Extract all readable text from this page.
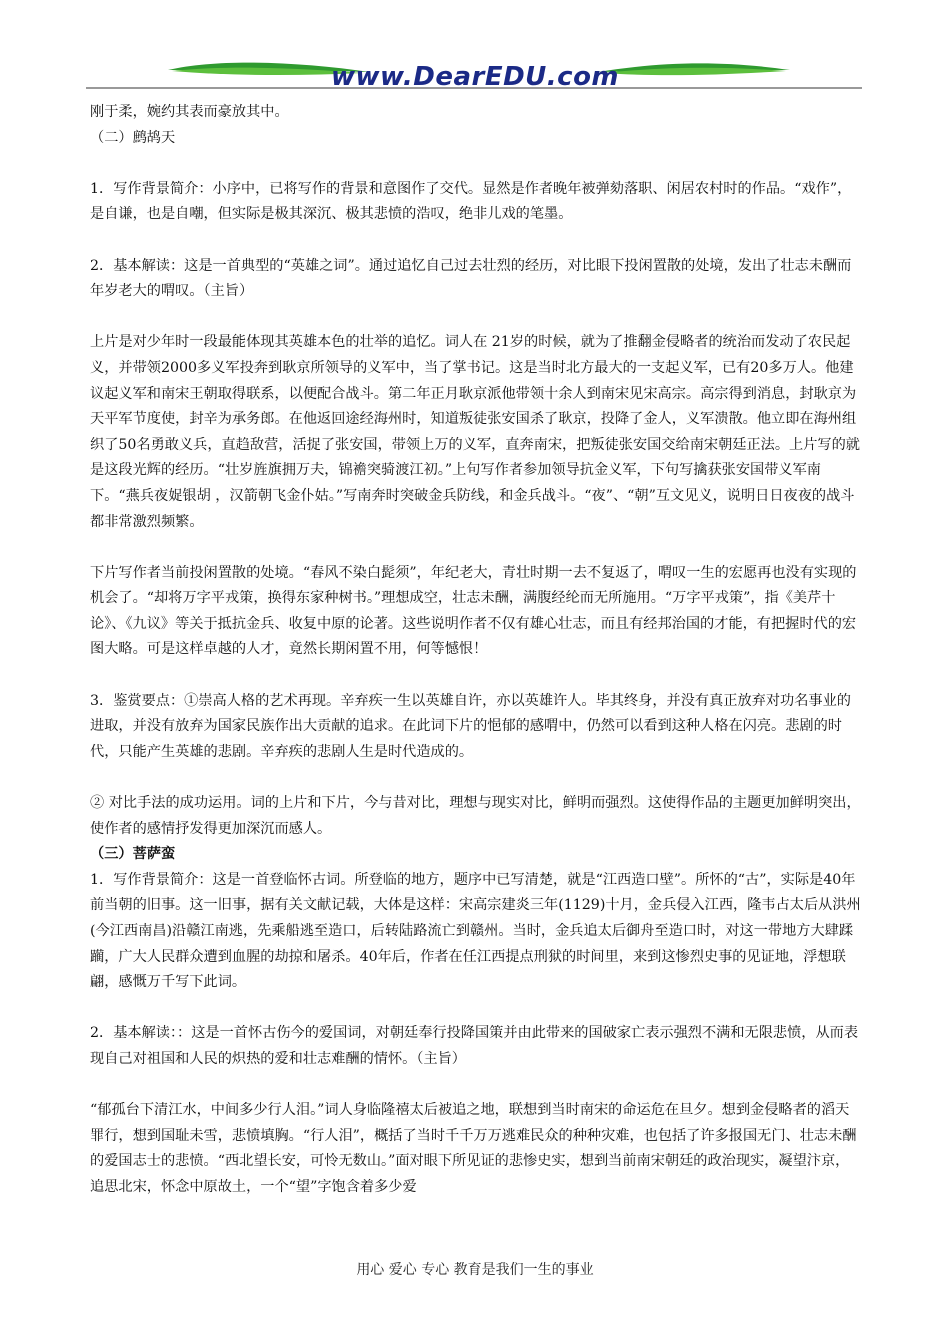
www.DearEDU.com

刚于柔，婉约其表而豪放其中。

（二）鹧鸪天

1．写作背景简介：小序中，已将写作的背景和意图作了交代。显然是作者晚年被弹劾落职、闲居农村时的作品。“戏作”，是自谦，也是自嘲，但实际是极其深沉、极其悲愤的浩叹，绝非儿戏的笔墨。

2．基本解读：这是一首典型的“英雄之词”。通过追忆自己过去壮烈的经历，对比眼下投闲置散的处境，发出了壮志未酬而年岁老大的喟叹。（主旨）

上片是对少年时一段最能体现其英雄本色的壮举的追忆。词人在 21岁的时候，就为了推翻金侵略者的统治而发动了农民起义，并带领2000多义军投奔到耿京所领导的义军中，当了掌书记。这是当时北方最大的一支起义军，已有20多万人。他建议起义军和南宋王朝取得联系，以便配合战斗。第二年正月耿京派他带领十余人到南宋见宋高宗。高宗得到消息，封耿京为天平军节度使，封辛为承务郎。在他返回途经海州时，知道叛徒张安国杀了耿京，投降了金人，义军溃散。他立即在海州组织了50名勇敢义兵，直趋敌营，活捉了张安国，带领上万的义军，直奔南宋，把叛徒张安国交给南宋朝廷正法。上片写的就是这段光辉的经历。“壮岁旌旗拥万夫，锦襜突骑渡江初。”上句写作者参加领导抗金义军，下句写擒获张安国带义军南下。“燕兵夜娖银胡 ，汉箭朝飞金仆姑。”写南奔时突破金兵防线，和金兵战斗。“夜”、“朝”互文见义，说明日日夜夜的战斗都非常激烈频繁。

下片写作者当前投闲置散的处境。“春风不染白髭须”，年纪老大，青壮时期一去不复返了，喟叹一生的宏愿再也没有实现的机会了。“却将万字平戎策，换得东家种树书。”理想成空，壮志未酬，满腹经纶而无所施用。“万字平戎策”，指《美芹十论》、《九议》等关于抵抗金兵、收复中原的论著。这些说明作者不仅有雄心壮志，而且有经邦治国的才能，有把握时代的宏图大略。可是这样卓越的人才，竟然长期闲置不用，何等憾恨！

3．鉴赏要点：①崇高人格的艺术再现。辛弃疾一生以英雄自许，亦以英雄许人。毕其终身，并没有真正放弃对功名事业的进取，并没有放弃为国家民族作出大贡献的追求。在此词下片的悒郁的感喟中，仍然可以看到这种人格在闪亮。悲剧的时代，只能产生英雄的悲剧。辛弃疾的悲剧人生是时代造成的。

② 对比手法的成功运用。词的上片和下片，今与昔对比，理想与现实对比，鲜明而强烈。这使得作品的主题更加鲜明突出，使作者的感情抒发得更加深沉而感人。

（三）菩萨蛮

1．写作背景简介：这是一首登临怀古词。所登临的地方，题序中已写清楚，就是“江西造口壁”。所怀的“古”，实际是40年前当朝的旧事。这一旧事，据有关文献记载，大体是这样：宋高宗建炎三年(1129)十月，金兵侵入江西，隆韦占太后从洪州(今江西南昌)沿赣江南逃，先乘船逃至造口，后转陆路流亡到赣州。当时，金兵追太后御舟至造口时，对这一带地方大肆蹂躏，广大人民群众遭到血腥的劫掠和屠杀。40年后，作者在任江西提点刑狱的时间里，来到这惨烈史事的见证地，浮想联翩，感慨万千写下此词。

2．基本解读：：这是一首怀古伤今的爱国词，对朝廷奉行投降国策并由此带来的国破家亡表示强烈不满和无限悲愤，从而表现自己对祖国和人民的炽热的爱和壮志难酬的情怀。（主旨）

“郁孤台下清江水，中间多少行人泪。”词人身临隆禧太后被追之地，联想到当时南宋的命运危在旦夕。想到金侵略者的滔天罪行，想到国耻未雪，悲愤填胸。“行人泪”，概括了当时千千万万逃难民众的种种灾难，也包括了许多报国无门、壮志未酬的爱国志士的悲愤。“西北望长安，可怜无数山。”面对眼下所见证的悲惨史实，想到当前南宋朝廷的政治现实，凝望汴京，追思北宋，怀念中原故土，一个“望”字饱含着多少爱

用心 爱心 专心 教育是我们一生的事业
